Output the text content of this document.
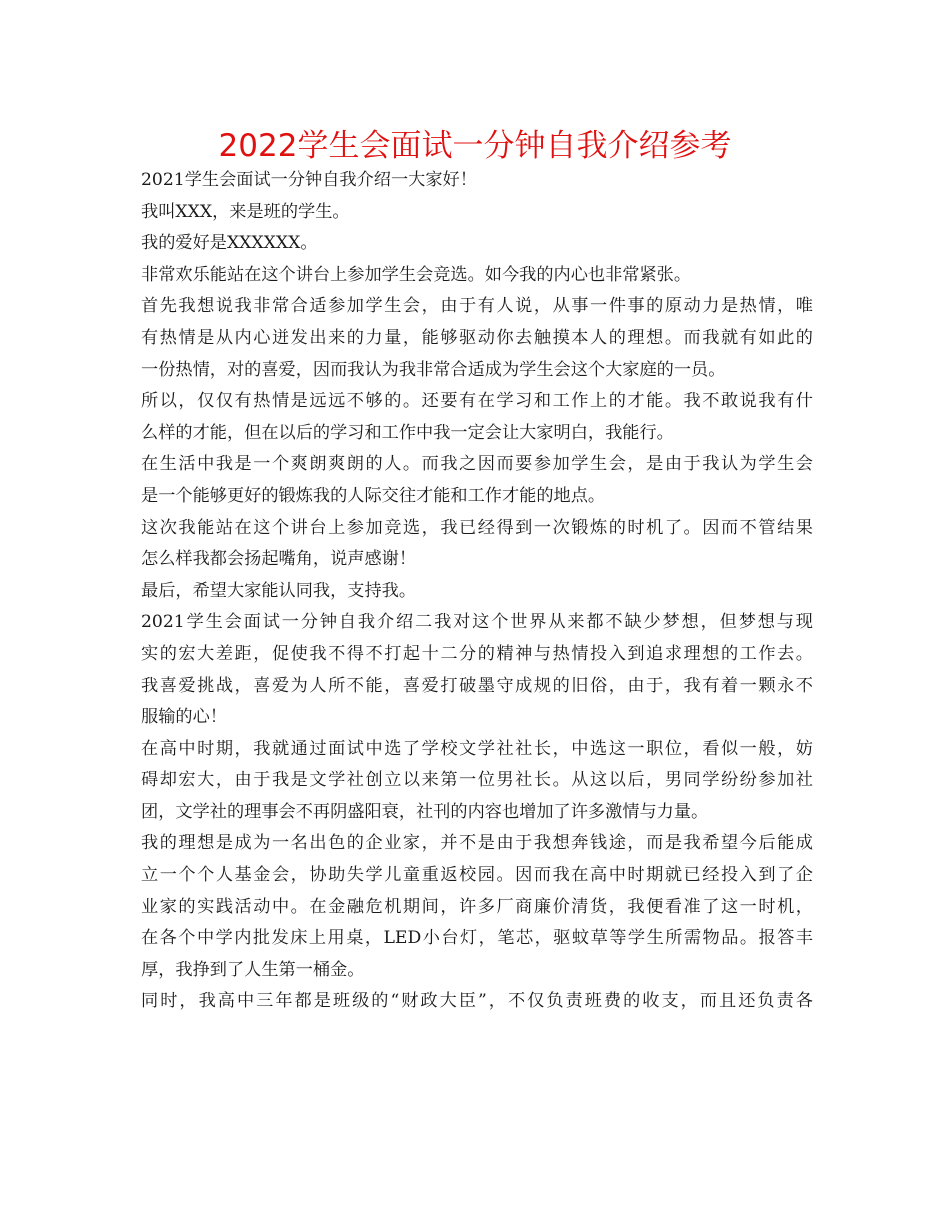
2022学生会面试一分钟自我介绍参考
2021学生会面试一分钟自我介绍一大家好！
我叫XXX，来是班的学生。
我的爱好是XXXXXX。
非常欢乐能站在这个讲台上参加学生会竞选。如今我的内心也非常紧张。
首先我想说我非常合适参加学生会，由于有人说，从事一件事的原动力是热情，唯
有热情是从内心迸发出来的力量，能够驱动你去触摸本人的理想。而我就有如此的
一份热情，对的喜爱，因而我认为我非常合适成为学生会这个大家庭的一员。
所以，仅仅有热情是远远不够的。还要有在学习和工作上的才能。我不敢说我有什
么样的才能，但在以后的学习和工作中我一定会让大家明白，我能行。
在生活中我是一个爽朗爽朗的人。而我之因而要参加学生会，是由于我认为学生会
是一个能够更好的锻炼我的人际交往才能和工作才能的地点。
这次我能站在这个讲台上参加竞选，我已经得到一次锻炼的时机了。因而不管结果
怎么样我都会扬起嘴角，说声感谢！
最后，希望大家能认同我，支持我。
2021学生会面试一分钟自我介绍二我对这个世界从来都不缺少梦想，但梦想与现
实的宏大差距，促使我不得不打起十二分的精神与热情投入到追求理想的工作去。
我喜爱挑战，喜爱为人所不能，喜爱打破墨守成规的旧俗，由于，我有着一颗永不
服输的心！
在高中时期，我就通过面试中选了学校文学社社长，中选这一职位，看似一般，妨
碍却宏大，由于我是文学社创立以来第一位男社长。从这以后，男同学纷纷参加社
团，文学社的理事会不再阴盛阳衰，社刊的内容也增加了许多激情与力量。
我的理想是成为一名出色的企业家，并不是由于我想奔钱途，而是我希望今后能成
立一个个人基金会，协助失学儿童重返校园。因而我在高中时期就已经投入到了企
业家的实践活动中。在金融危机期间，许多厂商廉价清货，我便看准了这一时机，
在各个中学内批发床上用桌，LED小台灯，笔芯，驱蚊草等学生所需物品。报答丰
厚，我挣到了人生第一桶金。
同时，我高中三年都是班级的“财政大臣”，不仅负责班费的收支，而且还负责各
